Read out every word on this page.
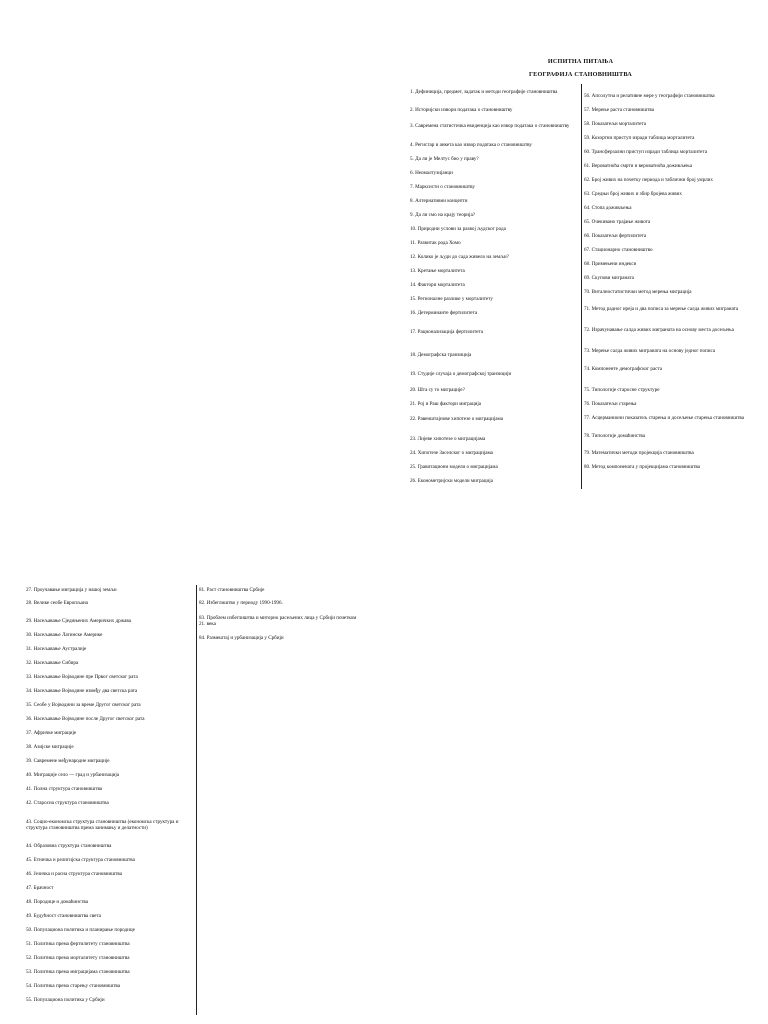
ИСПИТНА ПИТАЊА
ГЕОГРАФИЈА СТАНОВНИШТВА
1. Дефиниција, предмет, задатак и методи географије становништва
2. Историјски извори података о становништву
3. Савремена статистичка евиденција као извор података о становништву
4. Регистар и анкета као извор података о становништву
5. Да ли је Мелтус био у праву?
6. Неомалтузијанци
7. Марксисти о становништву
8. Алтернативни концепти
9. Да ли смо на крају теорија?
10. Природни услови за развој људског рода
11. Развитак рода Хомо
12. Колико је људи до сада живело на земљи?
13. Кретање морталитета
14. Фактори морталитета
15. Регионалне разлике у морталитету
16. Детерминанте фертилитета
17. Рационализација фертилитета
18. Демографска транзиција
19. Студије случаја о демографској транзицији
20. Шта су то миграције?
21. Рој и Раш фактори миграција
22. Равенштајнове хипотезе о миграцијама
23. Лијеве хипотезе о миграцијама
24. Хипотезе Заселског о миграцијама
25. Гравитациони модели о миграцијама
26. Економетријски модели миграција
56. Апсолутна и релативне мере у географији становништва
57. Мерење раста становништва
58. Показатељи морталитета
59. Кохортни приступ изради таблица морталитета
60. Трансферзални приступ изради таблица морталитета
61. Вероватноћа смрти и вероватноћа доживљења
62. Број живих на почетку периода и таблични број умрлих
63. Средњи број живих и збир бројева живих
64. Стопа доживљења
65. Очекивано трајање живота
66. Показатељи фертилитета
67. Стационарно становништво
68. Примењени индекси
69. Скупови миграната
70. Виталностатистички метод мерења миграција
71. Метод радног иреја и два пописа за мерење салда живих миграната
72. Израчунавање салда живих миграната на основу места досељења
73. Мерење салда живих миграната на основу једног пописа
74. Компоненте демографског раста
75. Типологије старосне структуре
76. Показатељи старења
77. Асцерманиони показатељ старења и досељење старења становништва
78. Типологије домаћинства
79. Математички методи пројекција становништва
80. Метод компонената у пројекцијама становништва
27. Проучавање миграција у нашој земљи
28. Велике сеобе Европљана
29. Насељавање Сједињених Америчких држава
30. Насељавање Латинске Америке
31. Насељавање Аустралије
32. Насељавање Сибира
33. Насељавање Војводине пре Првог светског рата
34. Насељавање Војводине између два светска рата
35. Сеобе у Војводини за време Другог светског рата
36. Насељавање Војводине после Другог светског рата
37. Афричке миграције
38. Азијске миграције
39. Савремене међународне миграције
40. Миграције село — град и урбанизација
41. Полна структура становништва
42. Старосна структура становништва
43. Социо-економска структура становништва (економска структура и структура становништва према занимању и делатности)
44. Образовна структура становништва
45. Етничка и религијска структура становништва
46. Језичка и расна структура становништва
47. Брачност
48. Породице и домаћинства
49. Будућност становништва света
50. Популациона политика и планирање породице
51. Политика према фертилитету становништва
52. Политика према морталитету становништва
53. Политика према миграцијама становништва
54. Политика према старењу становништва
55. Популациона политика у Србији
81. Раст становништва Србије
82. Избеглиштво у периоду 1990-1996.
83. Проблем избеглиштва и миторно расељених лица у Србији почетком 21. века
84. Размештај и урбанизација у Србији
